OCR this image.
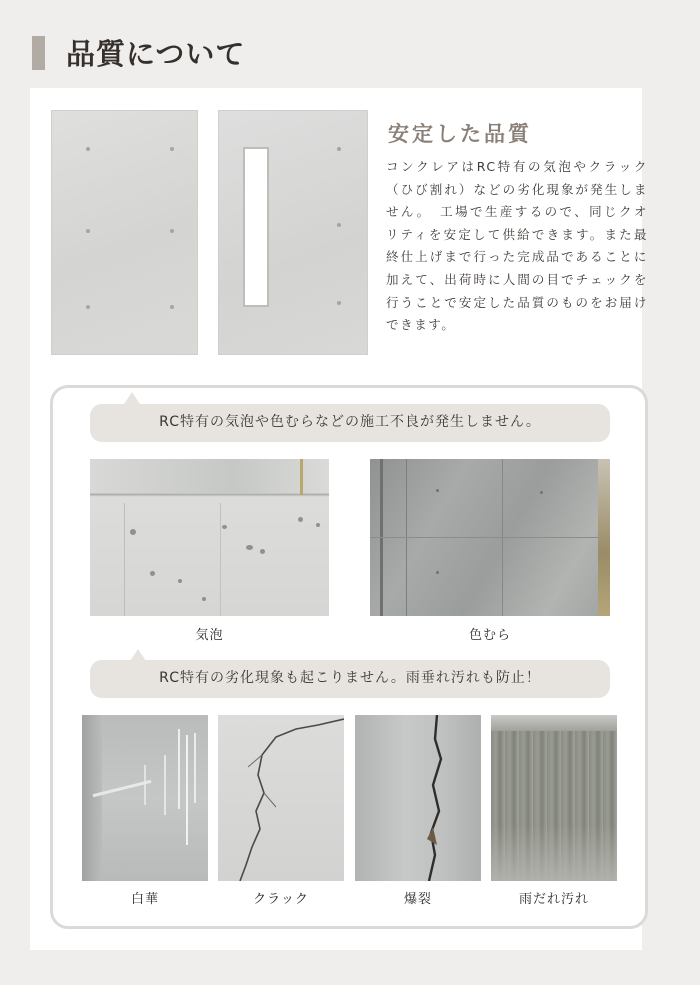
品質について
安定した品質
コンクレアはRC特有の気泡やクラック（ひび割れ）などの劣化現象が発生しません。　工場で生産するので、同じクオリティを安定して供給できます。また最終仕上げまで行った完成品であることに加えて、出荷時に人間の目でチェックを行うことで安定した品質のものをお届けできます。
RC特有の気泡や色むらなどの施工不良が発生しません。
気泡	色むら
RC特有の劣化現象も起こりません。雨垂れ汚れも防止！
白華	クラック	爆裂	雨だれ汚れ
